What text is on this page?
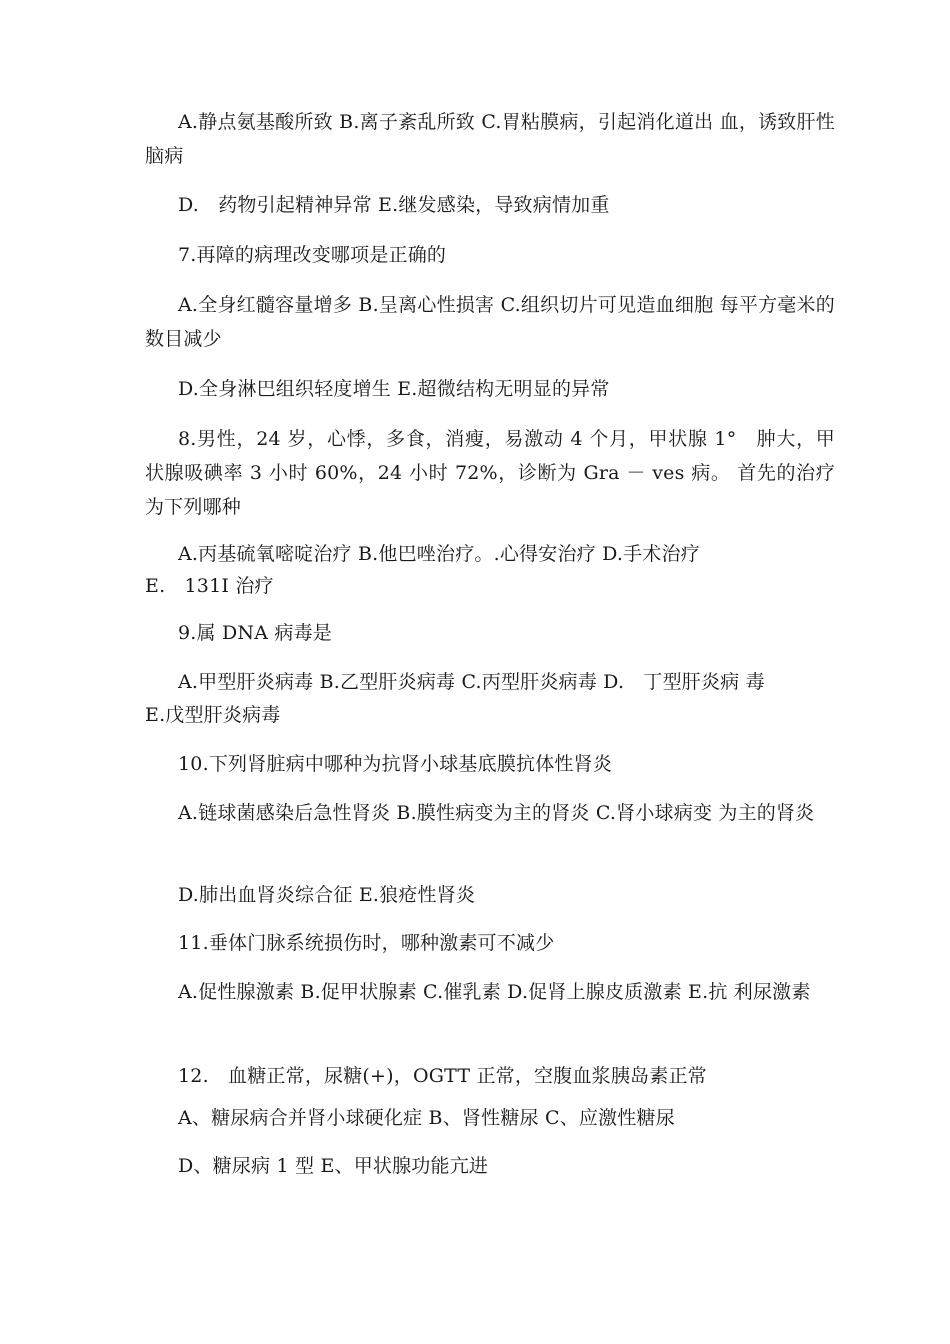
A.静点氨基酸所致 B.离子紊乱所致 C.胃粘膜病，引起消化道出 血，诱致肝性脑病

D.　药物引起精神异常 E.继发感染，导致病情加重

7.再障的病理改变哪项是正确的

A.全身红髓容量增多 B.呈离心性损害 C.组织切片可见造血细胞 每平方毫米的数目减少

D.全身淋巴组织轻度增生 E.超微结构无明显的异常

8.男性，24 岁，心悸，多食，消瘦，易激动 4 个月，甲状腺 1°　肿大，甲状腺吸碘率 3 小时 60%，24 小时 72%，诊断为 Gra － ves 病。 首先的治疗为下列哪种

A.丙基硫氧嘧啶治疗 B.他巴唑治疗。.心得安治疗 D.手术治疗

E.　131I 治疗

9.属 DNA 病毒是

A.甲型肝炎病毒 B.乙型肝炎病毒 C.丙型肝炎病毒 D.　丁型肝炎病 毒

E.戊型肝炎病毒

10.下列肾脏病中哪种为抗肾小球基底膜抗体性肾炎

A.链球菌感染后急性肾炎 B.膜性病变为主的肾炎 C.肾小球病变 为主的肾炎

D.肺出血肾炎综合征 E.狼疮性肾炎

11.垂体门脉系统损伤时，哪种激素可不减少

A.促性腺激素 B.促甲状腺素 C.催乳素 D.促肾上腺皮质激素 E.抗 利尿激素

12.　血糖正常，尿糖(+)，OGTT 正常，空腹血浆胰岛素正常

A、糖尿病合并肾小球硬化症 B、肾性糖尿 C、应激性糖尿

D、糖尿病 1 型 E、甲状腺功能亢进
